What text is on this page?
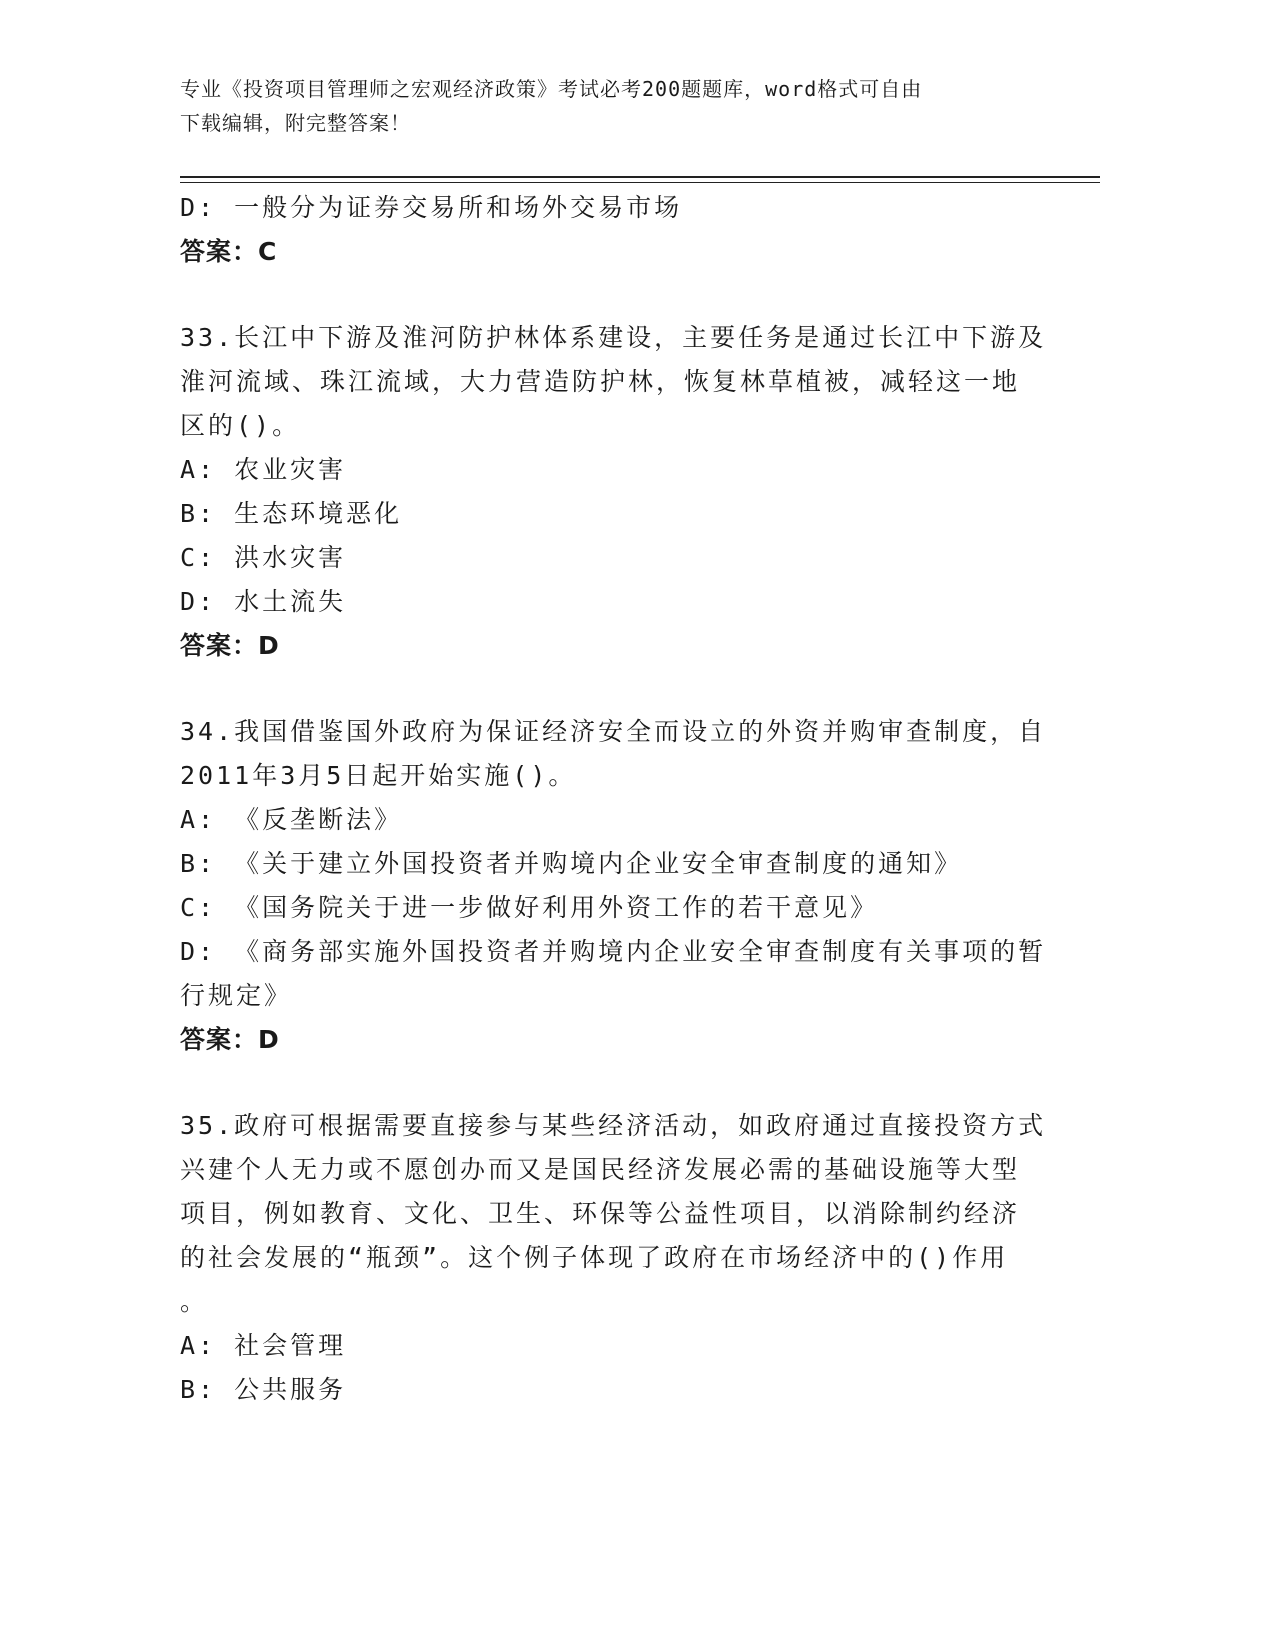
专业《投资项目管理师之宏观经济政策》考试必考200题题库，word格式可自由
下载编辑，附完整答案！
D: 一般分为证券交易所和场外交易市场
答案：C
33.长江中下游及淮河防护林体系建设，主要任务是通过长江中下游及
淮河流域、珠江流域，大力营造防护林，恢复林草植被，减轻这一地
区的()。
A: 农业灾害
B: 生态环境恶化
C: 洪水灾害
D: 水土流失
答案：D
34.我国借鉴国外政府为保证经济安全而设立的外资并购审查制度，自
2011年3月5日起开始实施()。
A: 《反垄断法》
B: 《关于建立外国投资者并购境内企业安全审查制度的通知》
C: 《国务院关于进一步做好利用外资工作的若干意见》
D: 《商务部实施外国投资者并购境内企业安全审查制度有关事项的暂
行规定》
答案：D
35.政府可根据需要直接参与某些经济活动，如政府通过直接投资方式
兴建个人无力或不愿创办而又是国民经济发展必需的基础设施等大型
项目，例如教育、文化、卫生、环保等公益性项目，以消除制约经济
的社会发展的“瓶颈”。这个例子体现了政府在市场经济中的()作用
。
A: 社会管理
B: 公共服务
